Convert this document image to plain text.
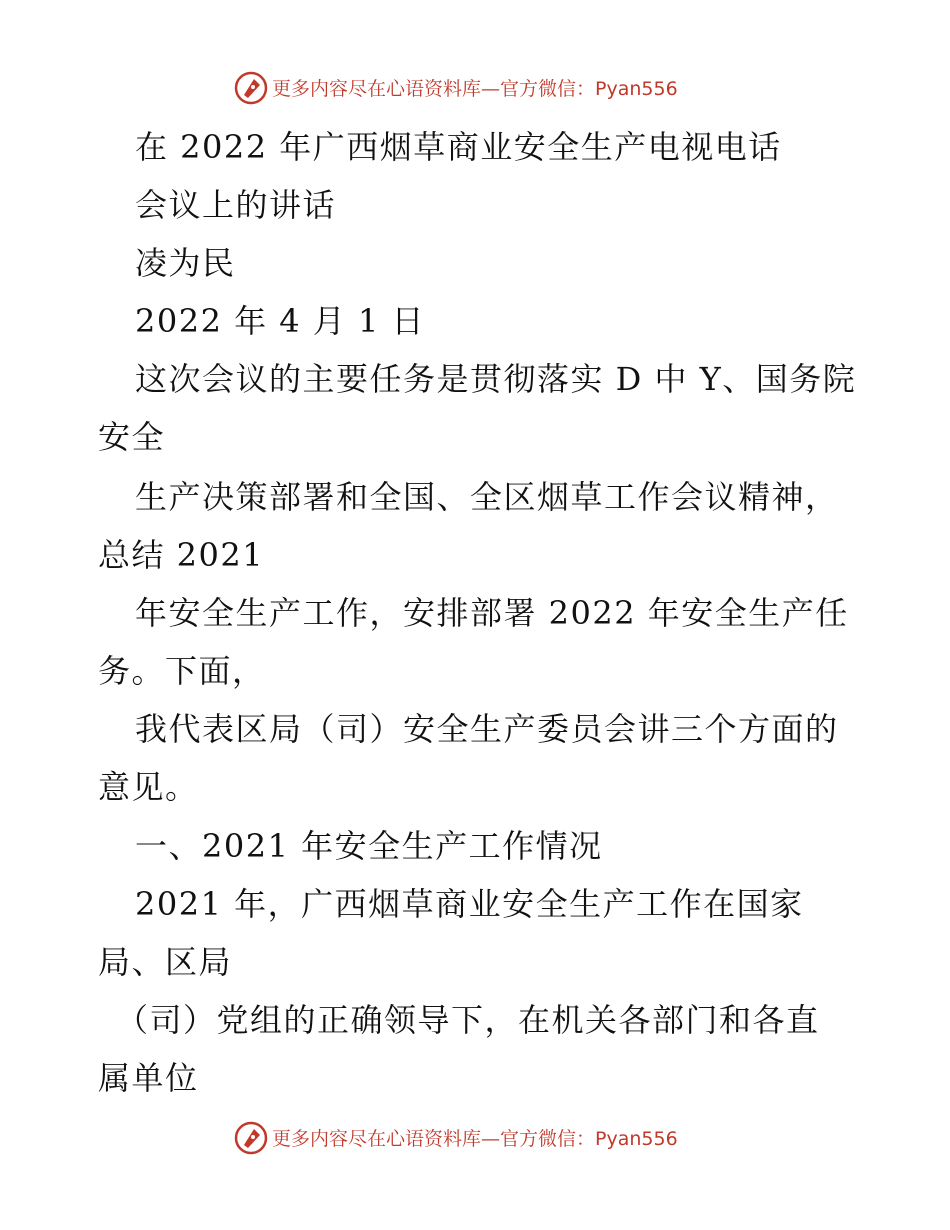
更多内容尽在心语资料库—官方微信：Pyan556
在 2022 年广西烟草商业安全生产电视电话
会议上的讲话
凌为民
2022 年 4 月 1 日
这次会议的主要任务是贯彻落实 D 中 Y、国务院
安全
生产决策部署和全国、全区烟草工作会议精神，
总结 2021
年安全生产工作，安排部署 2022 年安全生产任
务。下面，
我代表区局（司）安全生产委员会讲三个方面的
意见。
一、2021 年安全生产工作情况
2021 年，广西烟草商业安全生产工作在国家
局、区局
（司）党组的正确领导下，在机关各部门和各直
属单位
更多内容尽在心语资料库—官方微信：Pyan556
